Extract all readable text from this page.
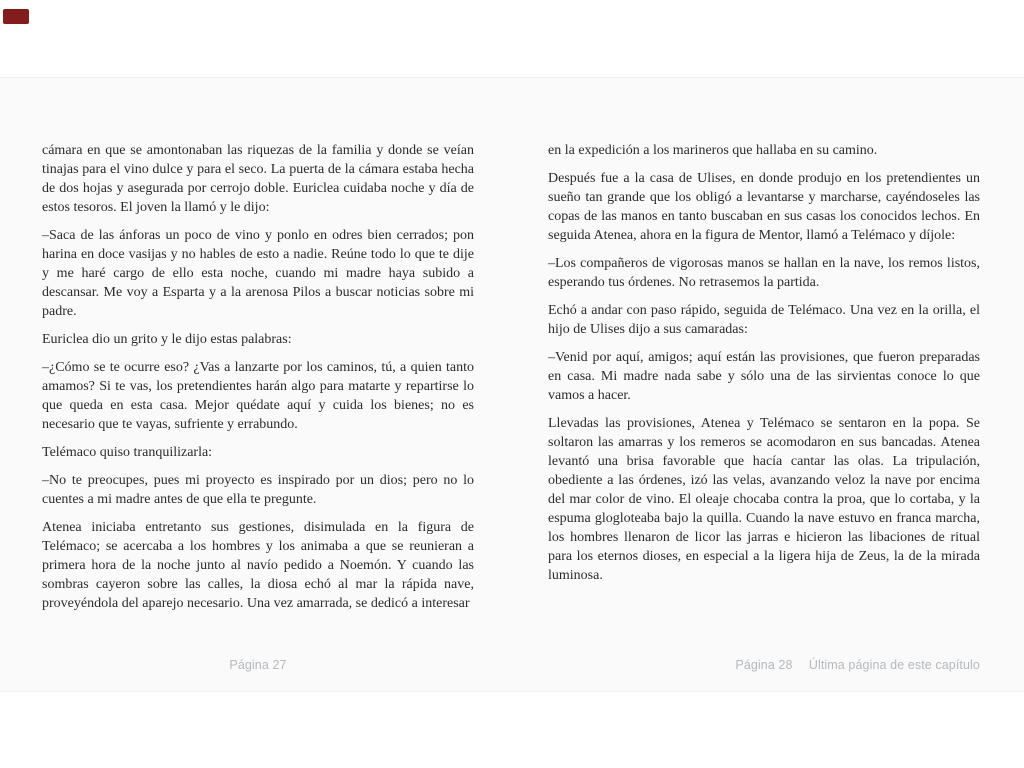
cámara en que se amontonaban las riquezas de la familia y donde se veían tinajas para el vino dulce y para el seco. La puerta de la cámara estaba hecha de dos hojas y asegurada por cerrojo doble. Euriclea cuidaba noche y día de estos tesoros. El joven la llamó y le dijo:

–Saca de las ánforas un poco de vino y ponlo en odres bien cerrados; pon harina en doce vasijas y no hables de esto a nadie. Reúne todo lo que te dije y me haré cargo de ello esta noche, cuando mi madre haya subido a descansar. Me voy a Esparta y a la arenosa Pilos a buscar noticias sobre mi padre.

Euriclea dio un grito y le dijo estas palabras:

–¿Cómo se te ocurre eso? ¿Vas a lanzarte por los caminos, tú, a quien tanto amamos? Si te vas, los pretendientes harán algo para matarte y repartirse lo que queda en esta casa. Mejor quédate aquí y cuida los bienes; no es necesario que te vayas, sufriente y errabundo.

Telémaco quiso tranquilizarla:

–No te preocupes, pues mi proyecto es inspirado por un dios; pero no lo cuentes a mi madre antes de que ella te pregunte.

Atenea iniciaba entretanto sus gestiones, disimulada en la figura de Telémaco; se acercaba a los hombres y los animaba a que se reunieran a primera hora de la noche junto al navío pedido a Noemón. Y cuando las sombras cayeron sobre las calles, la diosa echó al mar la rápida nave, proveyéndola del aparejo necesario. Una vez amarrada, se dedicó a interesar

en la expedición a los marineros que hallaba en su camino.

Después fue a la casa de Ulises, en donde produjo en los pretendientes un sueño tan grande que los obligó a levantarse y marcharse, cayéndoseles las copas de las manos en tanto buscaban en sus casas los conocidos lechos. En seguida Atenea, ahora en la figura de Mentor, llamó a Telémaco y díjole:

–Los compañeros de vigorosas manos se hallan en la nave, los remos listos, esperando tus órdenes. No retrasemos la partida.

Echó a andar con paso rápido, seguida de Telémaco. Una vez en la orilla, el hijo de Ulises dijo a sus camaradas:

–Venid por aquí, amigos; aquí están las provisiones, que fueron preparadas en casa. Mi madre nada sabe y sólo una de las sirvientas conoce lo que vamos a hacer.

Llevadas las provisiones, Atenea y Telémaco se sentaron en la popa. Se soltaron las amarras y los remeros se acomodaron en sus bancadas. Atenea levantó una brisa favorable que hacía cantar las olas. La tripulación, obediente a las órdenes, izó las velas, avanzando veloz la nave por encima del mar color de vino. El oleaje chocaba contra la proa, que lo cortaba, y la espuma glogloteaba bajo la quilla. Cuando la nave estuvo en franca marcha, los hombres llenaron de licor las jarras e hicieron las libaciones de ritual para los eternos dioses, en especial a la ligera hija de Zeus, la de la mirada luminosa.

Página 27	Página 28	Última página de este capítulo
